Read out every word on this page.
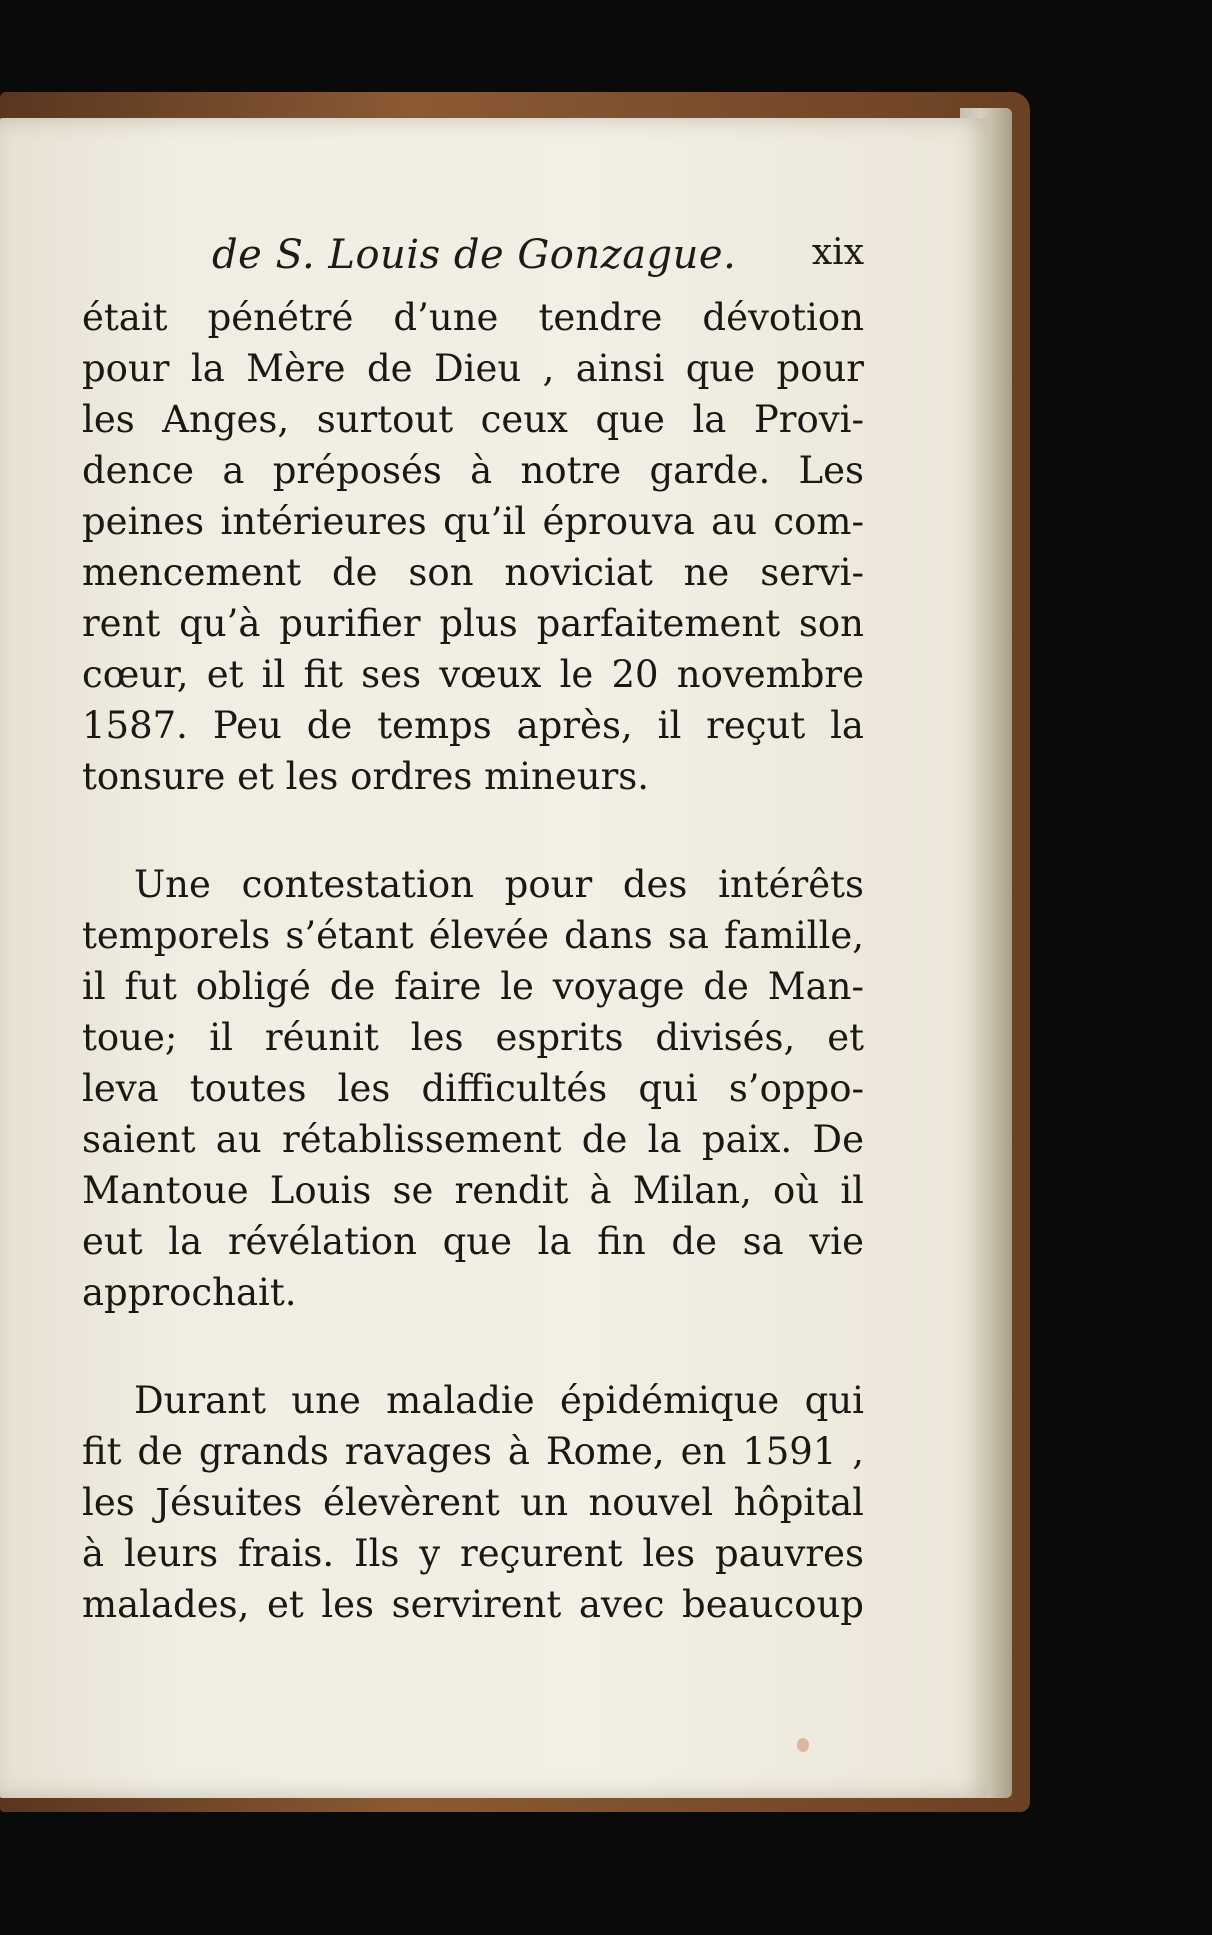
de S. Louis de Gonzague. xix
était pénétré d’une tendre dévotion
pour la Mère de Dieu , ainsi que pour
les Anges, surtout ceux que la Provi-
dence a préposés à notre garde. Les
peines intérieures qu’il éprouva au com-
mencement de son noviciat ne servi-
rent qu’à purifier plus parfaitement son
cœur, et il fit ses vœux le 20 novembre
1587. Peu de temps après, il reçut la
tonsure et les ordres mineurs.
Une contestation pour des intérêts
temporels s’étant élevée dans sa famille,
il fut obligé de faire le voyage de Man-
toue; il réunit les esprits divisés, et
leva toutes les difficultés qui s’oppo-
saient au rétablissement de la paix. De
Mantoue Louis se rendit à Milan, où il
eut la révélation que la fin de sa vie
approchait.
Durant une maladie épidémique qui
fit de grands ravages à Rome, en 1591 ,
les Jésuites élevèrent un nouvel hôpital
à leurs frais. Ils y reçurent les pauvres
malades, et les servirent avec beaucoup
